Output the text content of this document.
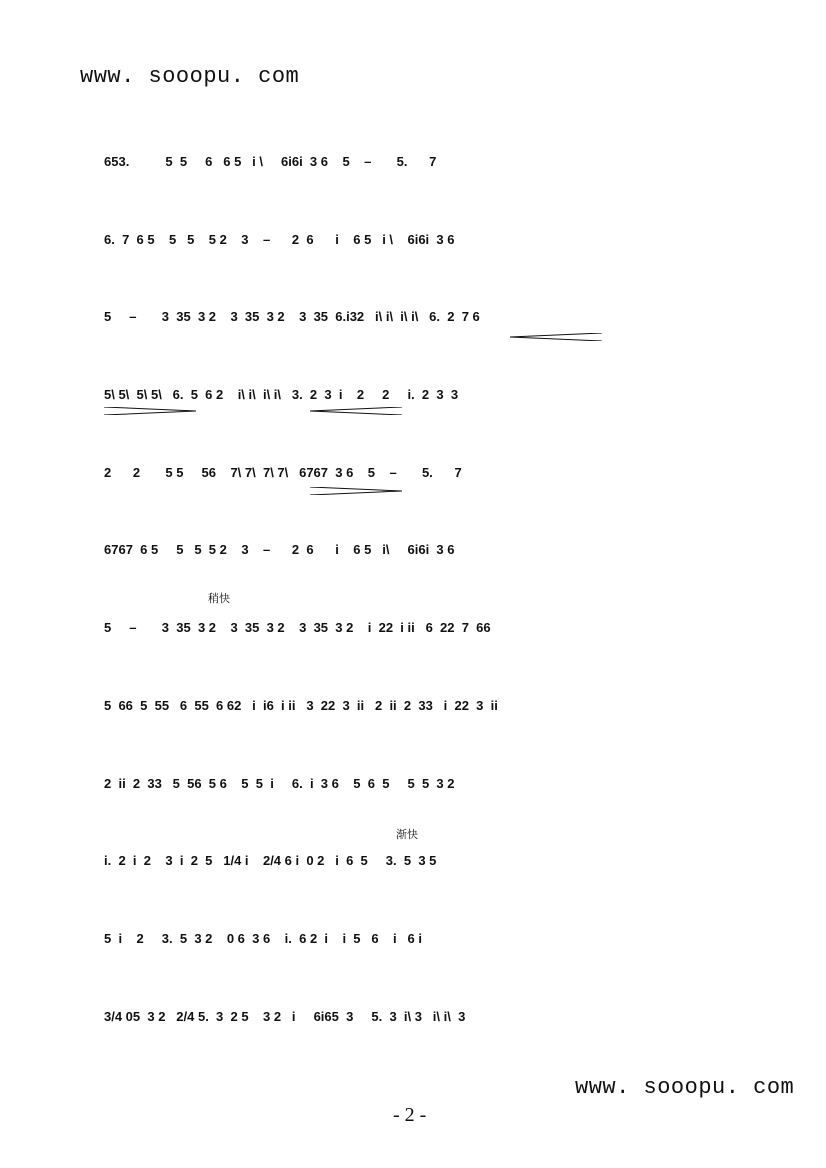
www. sooopu. com
653.          5  5     6   6 5   i \     6i6i  3 6    5    –       5.      7
6.  7  6 5    5   5    5 2    3    –      2  6      i    6 5   i \    6i6i  3 6
5     –       3  35  3 2    3  35  3 2    3  35  6.i32   i\ i\  i\ i\   6.  2  7 6
5\ 5\  5\ 5\   6.  5  6 2    i\ i\  i\ i\   3.  2  3  i    2     2     i.  2  3  3
2      2       5 5     56    7\ 7\  7\ 7\   6767  3 6    5    –       5.      7
6767  6 5     5   5  5 2    3    –      2  6      i    6 5   i\     6i6i  3 6
稍快
5     –       3  35  3 2    3  35  3 2    3  35  3 2    i  22  i ii   6  22  7  66
5  66  5  55   6  55  6 62   i  i6  i ii   3  22  3  ii   2  ii  2  33   i  22  3  ii
2  ii  2  33   5  56  5 6    5  5  i     6.  i  3 6    5  6  5     5  5  3 2
渐快
i.  2  i  2    3  i  2  5   1/4 i    2/4 6 i  0 2   i  6  5     3.  5  3 5
5  i    2     3.  5  3 2    0 6  3 6    i.  6 2  i    i  5   6    i   6 i
3/4 05  3 2   2/4 5.  3  2 5    3 2   i     6i65  3     5.  3  i\ 3   i\ i\  3
www. sooopu. com
- 2 -
